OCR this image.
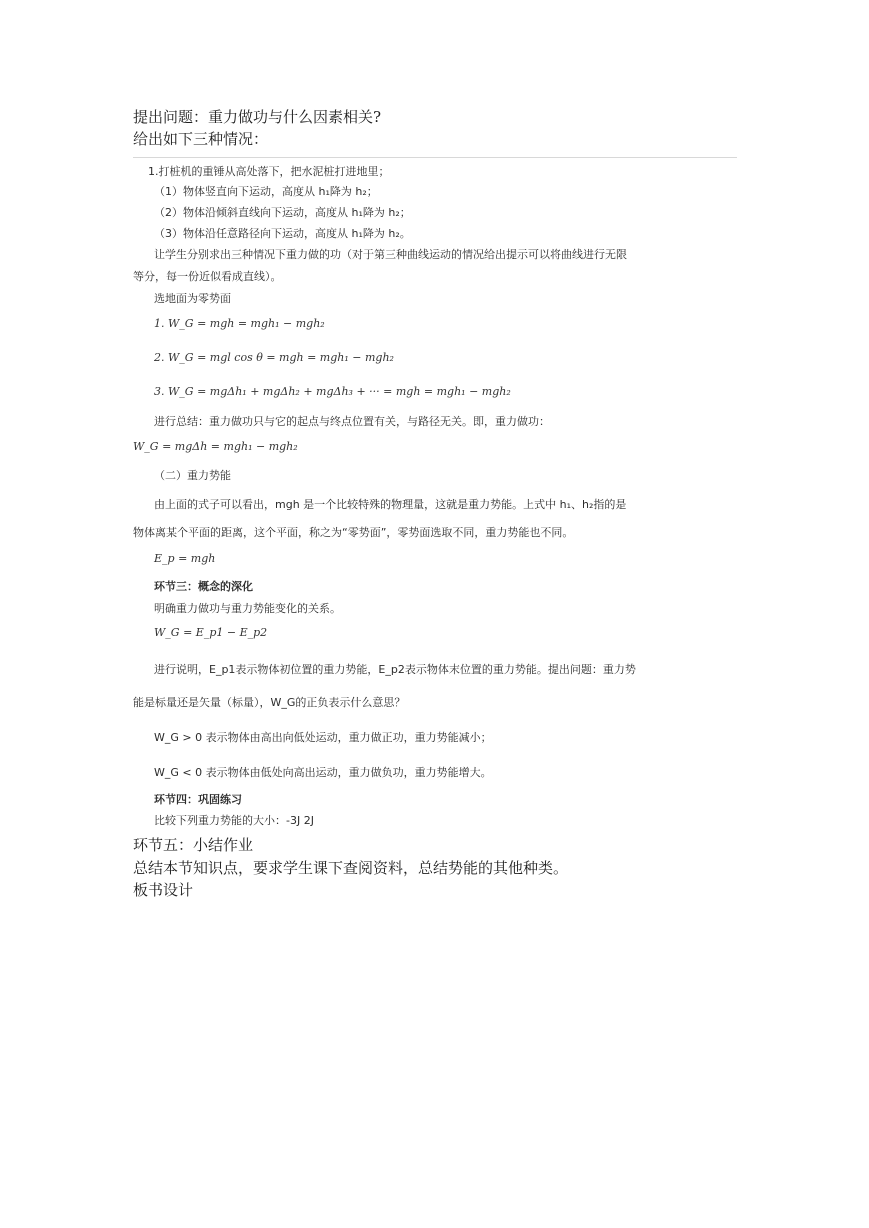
提出问题：重力做功与什么因素相关?
给出如下三种情况：
1.打桩机的重锤从高处落下，把水泥桩打进地里；
（1）物体竖直向下运动，高度从 h₁降为 h₂；
（2）物体沿倾斜直线向下运动，高度从 h₁降为 h₂；
（3）物体沿任意路径向下运动，高度从 h₁降为 h₂。
让学生分别求出三种情况下重力做的功（对于第三种曲线运动的情况给出提示可以将曲线进行无限
等分，每一份近似看成直线）。
选地面为零势面
1. W_G = mgh = mgh₁ − mgh₂
2. W_G = mgl cos θ = mgh = mgh₁ − mgh₂
3. W_G = mgΔh₁ + mgΔh₂ + mgΔh₃ + ··· = mgh = mgh₁ − mgh₂
进行总结：重力做功只与它的起点与终点位置有关，与路径无关。即，重力做功：
W_G = mgΔh = mgh₁ − mgh₂
（二）重力势能
由上面的式子可以看出，mgh 是一个比较特殊的物理量，这就是重力势能。上式中 h₁、h₂指的是
物体离某个平面的距离，这个平面，称之为“零势面”，零势面选取不同，重力势能也不同。
E_p = mgh
环节三：概念的深化
明确重力做功与重力势能变化的关系。
W_G = E_p1 − E_p2
进行说明，E_p1表示物体初位置的重力势能，E_p2表示物体末位置的重力势能。提出问题：重力势
能是标量还是矢量（标量），W_G的正负表示什么意思？
W_G > 0 表示物体由高出向低处运动，重力做正功，重力势能减小；
W_G < 0 表示物体由低处向高出运动，重力做负功，重力势能增大。
环节四：巩固练习
比较下列重力势能的大小：-3J 2J
环节五：小结作业
总结本节知识点，要求学生课下查阅资料，总结势能的其他种类。
板书设计
